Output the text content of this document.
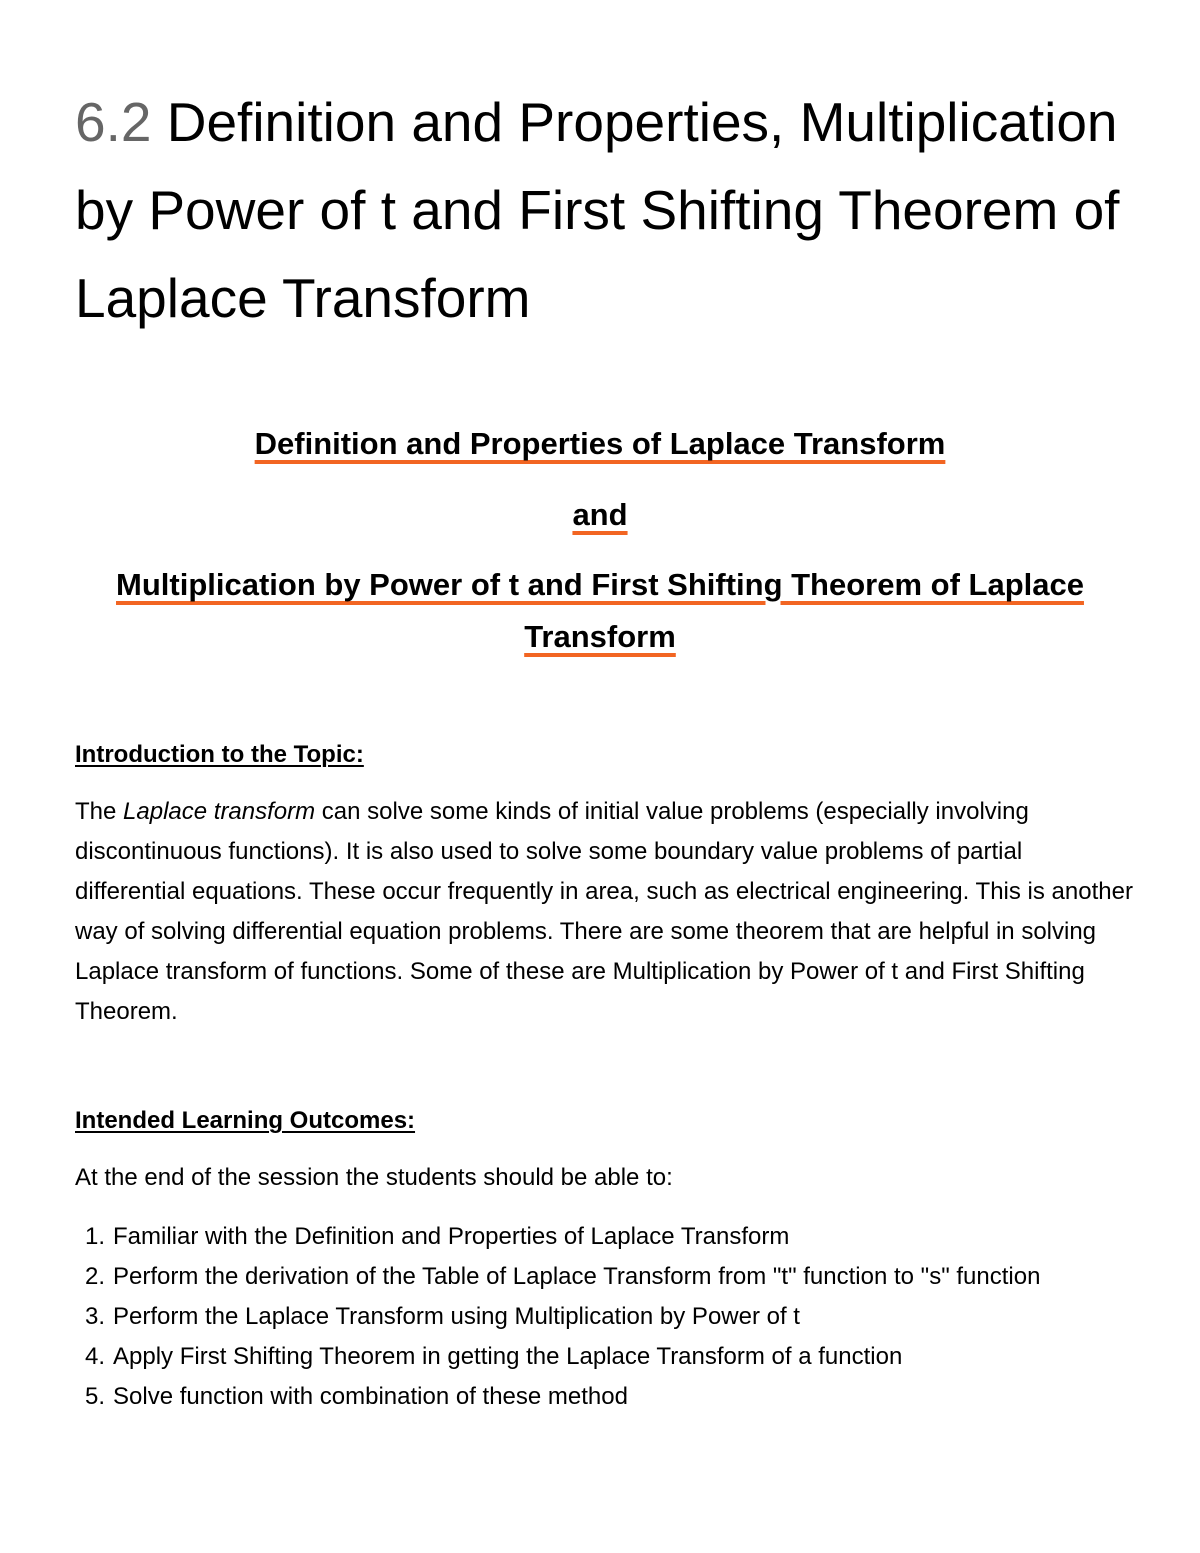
6.2 Definition and Properties, Multiplication by Power of t and First Shifting Theorem of Laplace Transform

Definition and Properties of Laplace Transform

and

Multiplication by Power of t and First Shifting Theorem of Laplace Transform

Introduction to the Topic:

The Laplace transform can solve some kinds of initial value problems (especially involving discontinuous functions). It is also used to solve some boundary value problems of partial differential equations. These occur frequently in area, such as electrical engineering. This is another way of solving differential equation problems. There are some theorem that are helpful in solving Laplace transform of functions. Some of these are Multiplication by Power of t and First Shifting Theorem.

Intended Learning Outcomes:

At the end of the session the students should be able to:

1. Familiar with the Definition and Properties of Laplace Transform
2. Perform the derivation of the Table of Laplace Transform from "t" function to "s" function
3. Perform the Laplace Transform using Multiplication by Power of t
4. Apply First Shifting Theorem in getting the Laplace Transform of a function
5. Solve function with combination of these method
